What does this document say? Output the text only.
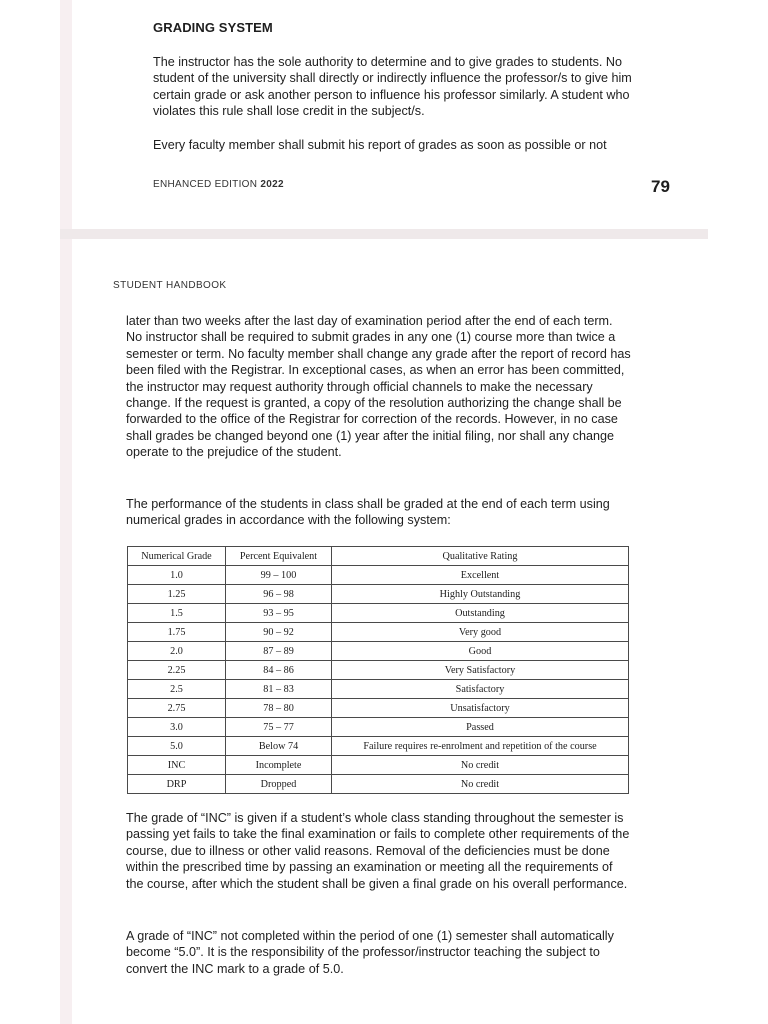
GRADING SYSTEM

The instructor has the sole authority to determine and to give grades to students. No student of the university shall directly or indirectly influence the professor/s to give him certain grade or ask another person to influence his professor similarly. A student who violates this rule shall lose credit in the subject/s.

Every faculty member shall submit his report of grades as soon as possible or not

ENHANCED EDITION 2022	79
STUDENT HANDBOOK

later than two weeks after the last day of examination period after the end of each term. No instructor shall be required to submit grades in any one (1) course more than twice a semester or term. No faculty member shall change any grade after the report of record has been filed with the Registrar. In exceptional cases, as when an error has been committed, the instructor may request authority through official channels to make the necessary change. If the request is granted, a copy of the resolution authorizing the change shall be forwarded to the office of the Registrar for correction of the records. However, in no case shall grades be changed beyond one (1) year after the initial filing, nor shall any change operate to the prejudice of the student.

The performance of the students in class shall be graded at the end of each term using numerical grades in accordance with the following system:

Numerical Grade	Percent Equivalent	Qualitative Rating
1.0	99 – 100	Excellent
1.25	96 – 98	Highly Outstanding
1.5	93 – 95	Outstanding
1.75	90 – 92	Very good
2.0	87 – 89	Good
2.25	84 – 86	Very Satisfactory
2.5	81 – 83	Satisfactory
2.75	78 – 80	Unsatisfactory
3.0	75 – 77	Passed
5.0	Below 74	Failure requires re-enrolment and repetition of the course
INC	Incomplete	No credit
DRP	Dropped	No credit

The grade of “INC” is given if a student’s whole class standing throughout the semester is passing yet fails to take the final examination or fails to complete other requirements of the course, due to illness or other valid reasons. Removal of the deficiencies must be done within the prescribed time by passing an examination or meeting all the requirements of the course, after which the student shall be given a final grade on his overall performance.

A grade of “INC” not completed within the period of one (1) semester shall automatically become “5.0”. It is the responsibility of the professor/instructor teaching the subject to convert the INC mark to a grade of 5.0.
